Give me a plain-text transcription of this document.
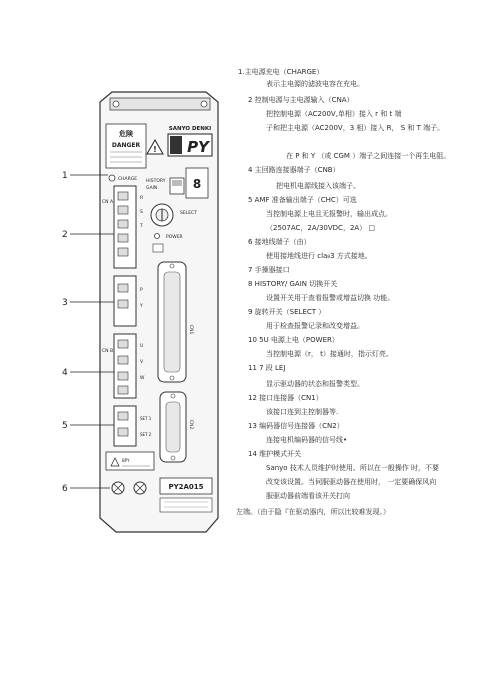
危険
DANGER !
SANYO DENKI
PY
CHARGE
CN A
R
S
T
HISTORY
GAIN	8
SELECT
POWER
CN1
CN2
P
Y
CN B
U
V
W
SET 1
SET 2
BPY
PY2A015
1
2
3
4
5
6
1.主电源充电（CHARGE）
表示主电源的滤波电容在充电。
2 控制电源与主电源输入（CNA）
把控制电源（AC200V,单相）接入 r 和 t 端
子和把主电源（AC200V，3 相）接入 R， S 和 T 端子。
在 P 和 Y （或 CGM ）端子之间连接一个再生电阻。
4 主回路连接器端子（CNB）
把电机电源线接入该端子。
5 AMF 准备输出端子（CHC）可选
当控制电源上电且无报警时，输出成点。
（2507AC，2A/30VDC，2A） □
6 接地线端子（由）
使用接地线进行 cla₈3 方式接地。
7 手操器接口
8 HISTORY/ GAIN 切换开关
设置开关用于查看报警或增益切换 功能。
9 旋转开关（SELECT ）
用于检查报警记录和改变增益。
10 5U 电源上电（POWER）
当控制电源（r， t）接通时，指示灯亮。
11 7 段 LEJ
显示驱动器的状态和报警类型。
12 接口连接器（CN1）
该接口连到主控制器等.
13 编码器信号连接器（CN2）
连接电机编码器的信号线•
14 维护模式开关
Sanyo 技术人员维护时使用。所以在一般操作 时，不要
改变该设置。当伺服驱动器在使用时， 一定要确保风向
服驱动器前端看该开关打向
左端。（由于隐『在驱动器内，所以比较难发现。）
